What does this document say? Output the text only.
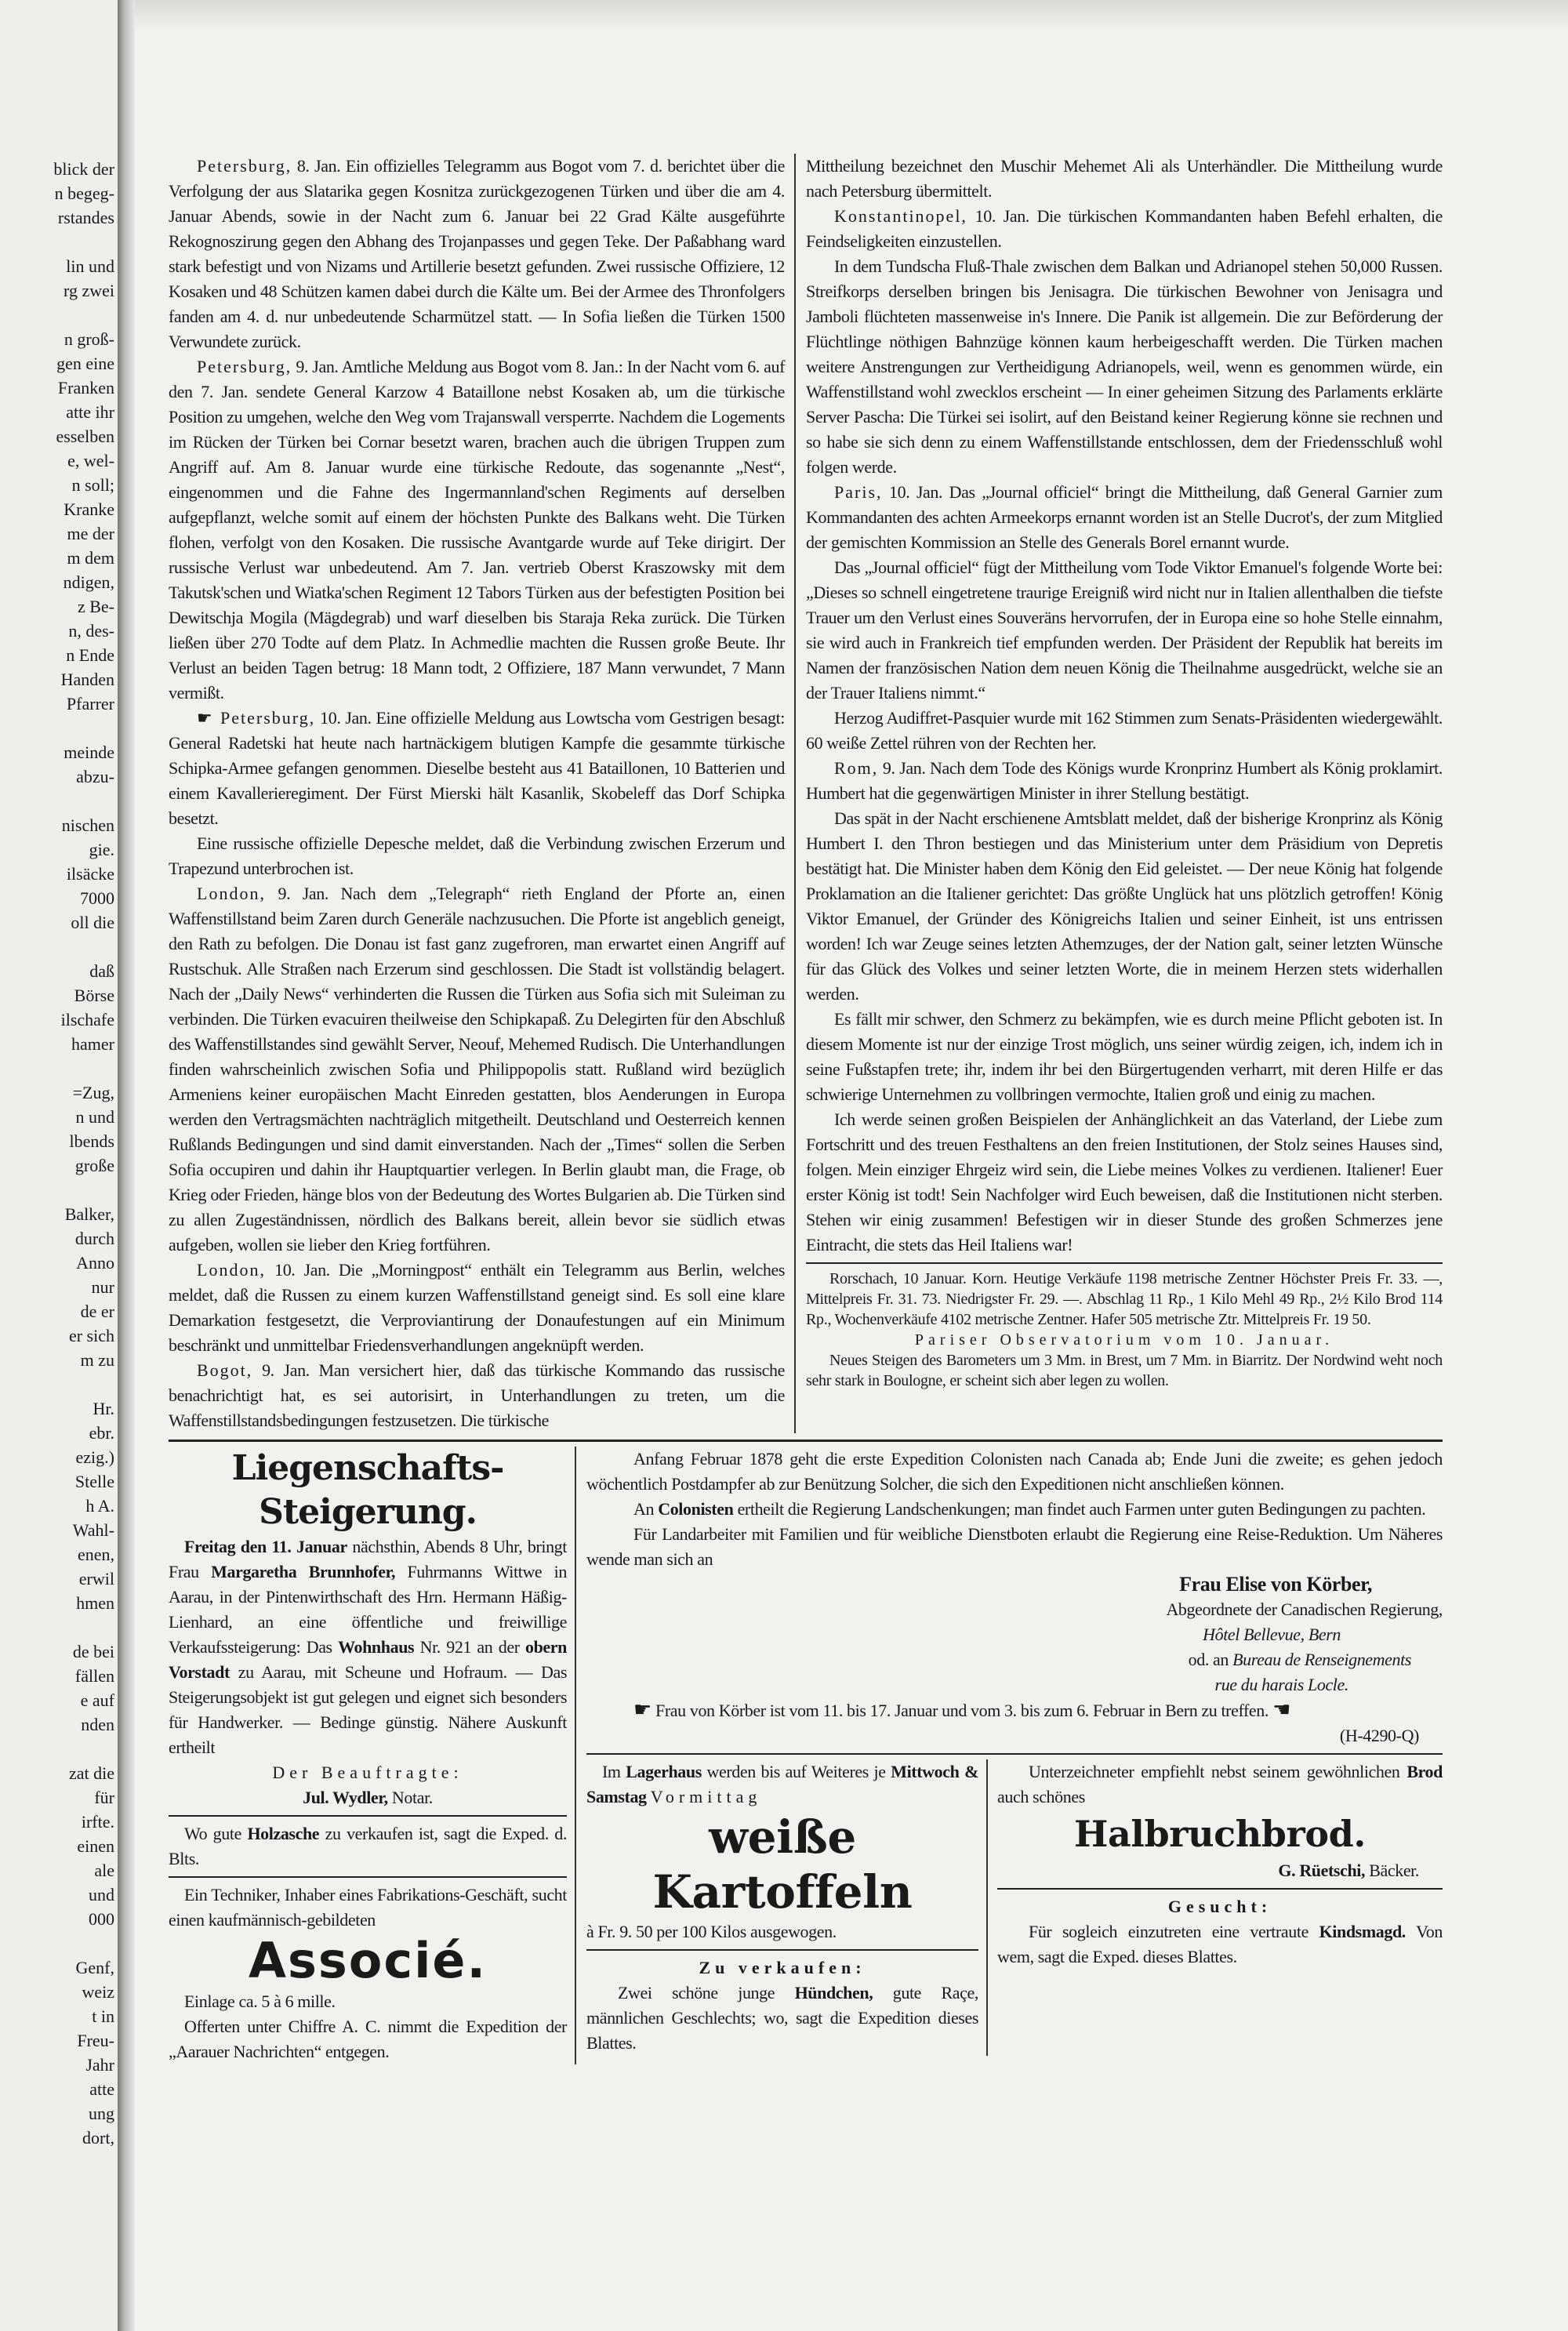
blick der
n begeg-
rstandes

lin und
rg zwei

n groß-
gen eine
Franken
atte ihr
esselben
e, wel-
n soll;
Kranke
me der
m dem
ndigen,
z Be-
n, des-
n Ende
Handen
Pfarrer

meinde
abzu-

nischen
gie.
ilsäcke
7000
oll die

daß
Börse
ilschafe
hamer

=Zug,
n und
lbends
große

Balker,
durch
Anno
nur
de er
er sich
m zu

Hr.
ebr.
ezig.)
Stelle
h A.
Wahl-
enen,
erwil
hmen

de bei
fällen
e auf
nden

zat die
für
irfte.
einen
ale
und
000

Genf,
weiz
t in
Freu-
Jahr
atte
ung
dort,

Petersburg, 8. Jan. Ein offizielles Telegramm aus Bogot vom 7. d. berichtet über die Verfolgung der aus Slatarika gegen Kosnitza zurückgezogenen Türken und über die am 4. Januar Abends, sowie in der Nacht zum 6. Januar bei 22 Grad Kälte ausgeführte Rekognoszirung gegen den Abhang des Trojanpasses und gegen Teke. Der Paßabhang ward stark befestigt und von Nizams und Artillerie besetzt gefunden. Zwei russische Offiziere, 12 Kosaken und 48 Schützen kamen dabei durch die Kälte um. Bei der Armee des Thronfolgers fanden am 4. d. nur unbedeutende Scharmützel statt. — In Sofia ließen die Türken 1500 Verwundete zurück.

Petersburg, 9. Jan. Amtliche Meldung aus Bogot vom 8. Jan.: In der Nacht vom 6. auf den 7. Jan. sendete General Karzow 4 Bataillone nebst Kosaken ab, um die türkische Position zu umgehen, welche den Weg vom Trajanswall versperrte. Nachdem die Logements im Rücken der Türken bei Cornar besetzt waren, brachen auch die übrigen Truppen zum Angriff auf. Am 8. Januar wurde eine türkische Redoute, das sogenannte „Nest“, eingenommen und die Fahne des Ingermannland'schen Regiments auf derselben aufgepflanzt, welche somit auf einem der höchsten Punkte des Balkans weht. Die Türken flohen, verfolgt von den Kosaken. Die russische Avantgarde wurde auf Teke dirigirt. Der russische Verlust war unbedeutend. Am 7. Jan. vertrieb Oberst Kraszowsky mit dem Takutsk'schen und Wiatka'schen Regiment 12 Tabors Türken aus der befestigten Position bei Dewitschja Mogila (Mägdegrab) und warf dieselben bis Staraja Reka zurück. Die Türken ließen über 270 Todte auf dem Platz. In Achmedlie machten die Russen große Beute. Ihr Verlust an beiden Tagen betrug: 18 Mann todt, 2 Offiziere, 187 Mann verwundet, 7 Mann vermißt.

☛ Petersburg, 10. Jan. Eine offizielle Meldung aus Lowtscha vom Gestrigen besagt: General Radetski hat heute nach hartnäckigem blutigen Kampfe die gesammte türkische Schipka-Armee gefangen genommen. Dieselbe besteht aus 41 Bataillonen, 10 Batterien und einem Kavallerieregiment. Der Fürst Mierski hält Kasanlik, Skobeleff das Dorf Schipka besetzt.

Eine russische offizielle Depesche meldet, daß die Verbindung zwischen Erzerum und Trapezund unterbrochen ist.

London, 9. Jan. Nach dem „Telegraph“ rieth England der Pforte an, einen Waffenstillstand beim Zaren durch Generäle nachzusuchen. Die Pforte ist angeblich geneigt, den Rath zu befolgen. Die Donau ist fast ganz zugefroren, man erwartet einen Angriff auf Rustschuk. Alle Straßen nach Erzerum sind geschlossen. Die Stadt ist vollständig belagert. Nach der „Daily News“ verhinderten die Russen die Türken aus Sofia sich mit Suleiman zu verbinden. Die Türken evacuiren theilweise den Schipkapaß. Zu Delegirten für den Abschluß des Waffenstillstandes sind gewählt Server, Neouf, Mehemed Rudisch. Die Unterhandlungen finden wahrscheinlich zwischen Sofia und Philippopolis statt. Rußland wird bezüglich Armeniens keiner europäischen Macht Einreden gestatten, blos Aenderungen in Europa werden den Vertragsmächten nachträglich mitgetheilt. Deutschland und Oesterreich kennen Rußlands Bedingungen und sind damit einverstanden. Nach der „Times“ sollen die Serben Sofia occupiren und dahin ihr Hauptquartier verlegen. In Berlin glaubt man, die Frage, ob Krieg oder Frieden, hänge blos von der Bedeutung des Wortes Bulgarien ab. Die Türken sind zu allen Zugeständnissen, nördlich des Balkans bereit, allein bevor sie südlich etwas aufgeben, wollen sie lieber den Krieg fortführen.

London, 10. Jan. Die „Morningpost“ enthält ein Telegramm aus Berlin, welches meldet, daß die Russen zu einem kurzen Waffenstillstand geneigt sind. Es soll eine klare Demarkation festgesetzt, die Verproviantirung der Donaufestungen auf ein Minimum beschränkt und unmittelbar Friedensverhandlungen angeknüpft werden.

Bogot, 9. Jan. Man versichert hier, daß das türkische Kommando das russische benachrichtigt hat, es sei autorisirt, in Unterhandlungen zu treten, um die Waffenstillstandsbedingungen festzusetzen. Die türkische

Mittheilung bezeichnet den Muschir Mehemet Ali als Unterhändler. Die Mittheilung wurde nach Petersburg übermittelt.

Konstantinopel, 10. Jan. Die türkischen Kommandanten haben Befehl erhalten, die Feindseligkeiten einzustellen.

In dem Tundscha Fluß-Thale zwischen dem Balkan und Adrianopel stehen 50,000 Russen. Streifkorps derselben bringen bis Jenisagra. Die türkischen Bewohner von Jenisagra und Jamboli flüchteten massenweise in's Innere. Die Panik ist allgemein. Die zur Beförderung der Flüchtlinge nöthigen Bahnzüge können kaum herbeigeschafft werden. Die Türken machen weitere Anstrengungen zur Vertheidigung Adrianopels, weil, wenn es genommen würde, ein Waffenstillstand wohl zwecklos erscheint — In einer geheimen Sitzung des Parlaments erklärte Server Pascha: Die Türkei sei isolirt, auf den Beistand keiner Regierung könne sie rechnen und so habe sie sich denn zu einem Waffenstillstande entschlossen, dem der Friedensschluß wohl folgen werde.

Paris, 10. Jan. Das „Journal officiel“ bringt die Mittheilung, daß General Garnier zum Kommandanten des achten Armeekorps ernannt worden ist an Stelle Ducrot's, der zum Mitglied der gemischten Kommission an Stelle des Generals Borel ernannt wurde.

Das „Journal officiel“ fügt der Mittheilung vom Tode Viktor Emanuel's folgende Worte bei: „Dieses so schnell eingetretene traurige Ereigniß wird nicht nur in Italien allenthalben die tiefste Trauer um den Verlust eines Souveräns hervorrufen, der in Europa eine so hohe Stelle einnahm, sie wird auch in Frankreich tief empfunden werden. Der Präsident der Republik hat bereits im Namen der französischen Nation dem neuen König die Theilnahme ausgedrückt, welche sie an der Trauer Italiens nimmt.“

Herzog Audiffret-Pasquier wurde mit 162 Stimmen zum Senats-Präsidenten wiedergewählt. 60 weiße Zettel rühren von der Rechten her.

Rom, 9. Jan. Nach dem Tode des Königs wurde Kronprinz Humbert als König proklamirt. Humbert hat die gegenwärtigen Minister in ihrer Stellung bestätigt.

Das spät in der Nacht erschienene Amtsblatt meldet, daß der bisherige Kronprinz als König Humbert I. den Thron bestiegen und das Ministerium unter dem Präsidium von Depretis bestätigt hat. Die Minister haben dem König den Eid geleistet. — Der neue König hat folgende Proklamation an die Italiener gerichtet: Das größte Unglück hat uns plötzlich getroffen! König Viktor Emanuel, der Gründer des Königreichs Italien und seiner Einheit, ist uns entrissen worden! Ich war Zeuge seines letzten Athemzuges, der der Nation galt, seiner letzten Wünsche für das Glück des Volkes und seiner letzten Worte, die in meinem Herzen stets widerhallen werden.

Es fällt mir schwer, den Schmerz zu bekämpfen, wie es durch meine Pflicht geboten ist. In diesem Momente ist nur der einzige Trost möglich, uns seiner würdig zeigen, ich, indem ich in seine Fußstapfen trete; ihr, indem ihr bei den Bürgertugenden verharrt, mit deren Hilfe er das schwierige Unternehmen zu vollbringen vermochte, Italien groß und einig zu machen.

Ich werde seinen großen Beispielen der Anhänglichkeit an das Vaterland, der Liebe zum Fortschritt und des treuen Festhaltens an den freien Institutionen, der Stolz seines Hauses sind, folgen. Mein einziger Ehrgeiz wird sein, die Liebe meines Volkes zu verdienen. Italiener! Euer erster König ist todt! Sein Nachfolger wird Euch beweisen, daß die Institutionen nicht sterben. Stehen wir einig zusammen! Befestigen wir in dieser Stunde des großen Schmerzes jene Eintracht, die stets das Heil Italiens war!

Rorschach, 10 Januar. Korn. Heutige Verkäufe 1198 metrische Zentner Höchster Preis Fr. 33. —, Mittelpreis Fr. 31. 73. Niedrigster Fr. 29. —. Abschlag 11 Rp., 1 Kilo Mehl 49 Rp., 2½ Kilo Brod 114 Rp., Wochenverkäufe 4102 metrische Zentner. Hafer 505 metrische Ztr. Mittelpreis Fr. 19 50.

Pariser Observatorium vom 10. Januar.

Neues Steigen des Barometers um 3 Mm. in Brest, um 7 Mm. in Biarritz. Der Nordwind weht noch sehr stark in Boulogne, er scheint sich aber legen zu wollen.

Liegenschafts-Steigerung.

Freitag den 11. Januar nächsthin, Abends 8 Uhr, bringt Frau Margaretha Brunnhofer, Fuhrmanns Wittwe in Aarau, in der Pintenwirthschaft des Hrn. Hermann Häßig-Lienhard, an eine öffentliche und freiwillige Verkaufssteigerung: Das Wohnhaus Nr. 921 an der obern Vorstadt zu Aarau, mit Scheune und Hofraum. — Das Steigerungsobjekt ist gut gelegen und eignet sich besonders für Handwerker. — Bedinge günstig. Nähere Auskunft ertheilt

Der Beauftragte:

Jul. Wydler, Notar.

Wo gute Holzasche zu verkaufen ist, sagt die Exped. d. Blts.

Ein Techniker, Inhaber eines Fabrikations-Geschäft, sucht einen kaufmännisch-gebildeten

Associé.

Einlage ca. 5 à 6 mille.

Offerten unter Chiffre A. C. nimmt die Expedition der „Aarauer Nachrichten“ entgegen.

Anfang Februar 1878 geht die erste Expedition Colonisten nach Canada ab; Ende Juni die zweite; es gehen jedoch wöchentlich Postdampfer ab zur Benützung Solcher, die sich den Expeditionen nicht anschließen können.

An Colonisten ertheilt die Regierung Landschenkungen; man findet auch Farmen unter guten Bedingungen zu pachten.

Für Landarbeiter mit Familien und für weibliche Dienstboten erlaubt die Regierung eine Reise-Reduktion. Um Näheres wende man sich an

Frau Elise von Körber,

Abgeordnete der Canadischen Regierung,

Hôtel Bellevue, Bern

od. an Bureau de Renseignements

rue du harais Locle.

☛ Frau von Körber ist vom 11. bis 17. Januar und vom 3. bis zum 6. Februar in Bern zu treffen. ☚

(H-4290-Q)

Im Lagerhaus werden bis auf Weiteres je Mittwoch & Samstag Vormittag

weiße Kartoffeln

à Fr. 9. 50 per 100 Kilos ausgewogen.

Zu verkaufen:

Zwei schöne junge Hündchen, gute Raçe, männlichen Geschlechts; wo, sagt die Expedition dieses Blattes.

Unterzeichneter empfiehlt nebst seinem gewöhnlichen Brod auch schönes

Halbruchbrod.

G. Rüetschi, Bäcker.

Gesucht:

Für sogleich einzutreten eine vertraute Kindsmagd. Von wem, sagt die Exped. dieses Blattes.
